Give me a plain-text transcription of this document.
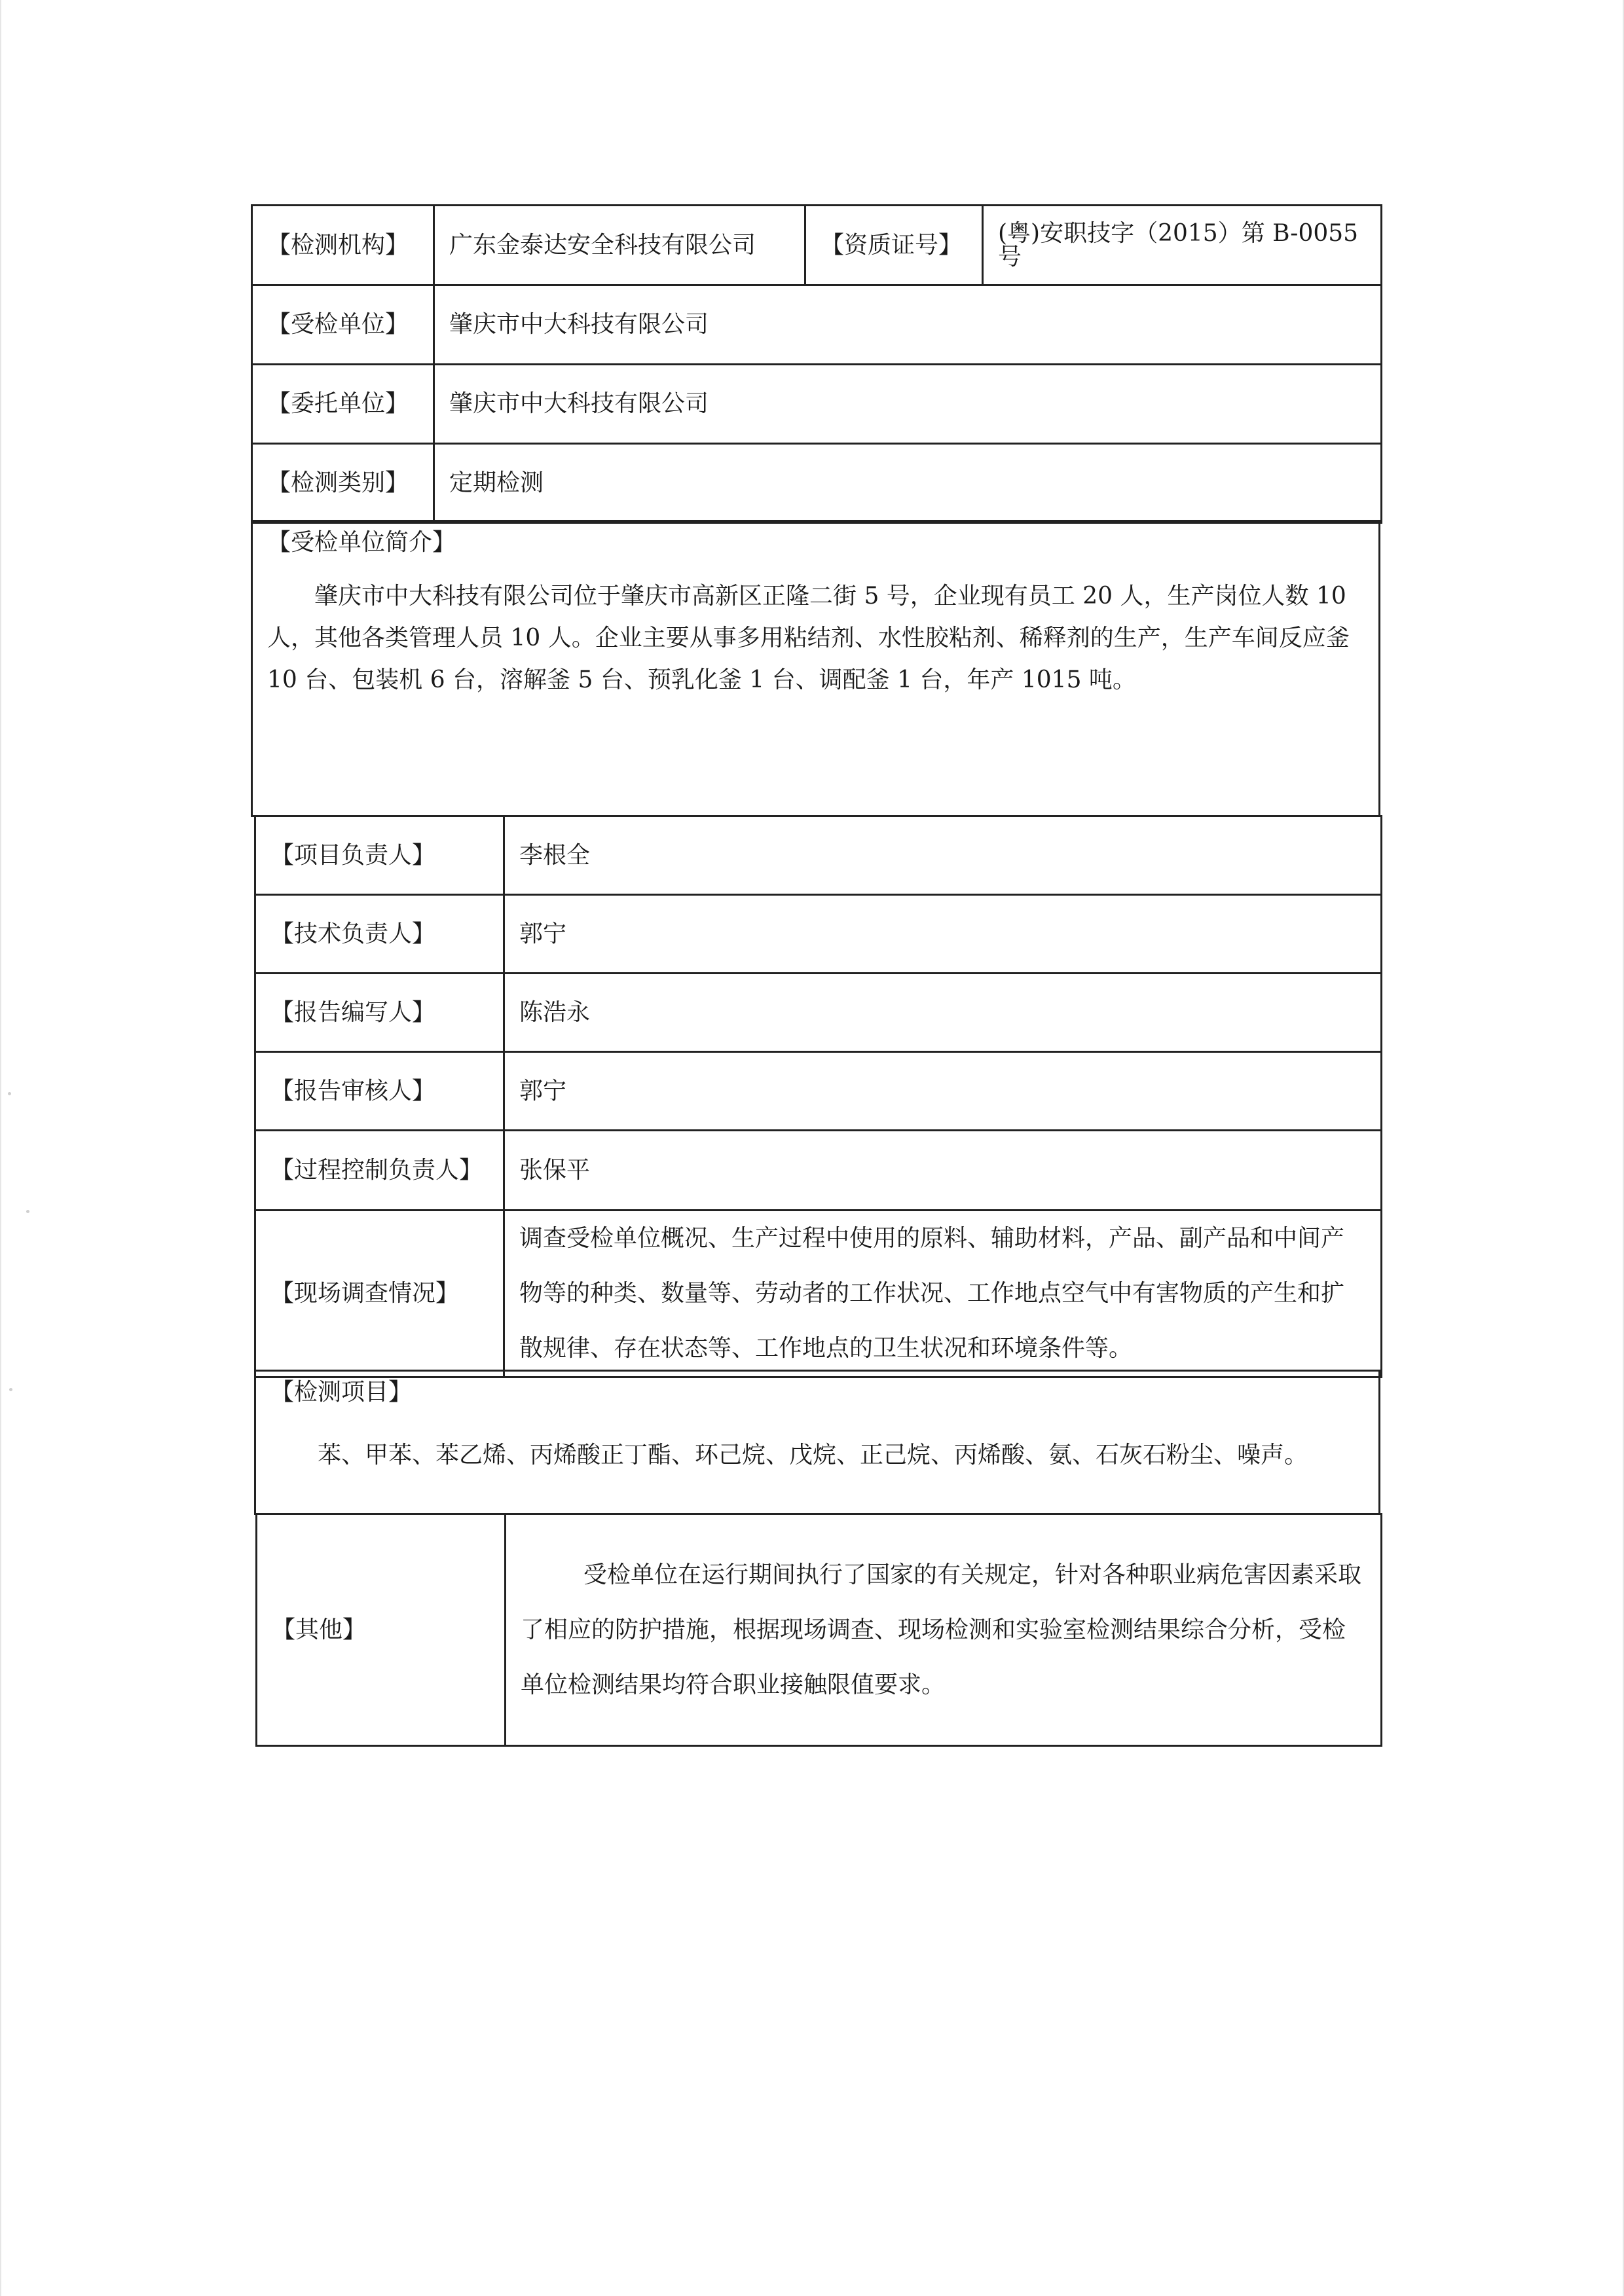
【检测机构】	广东金泰达安全科技有限公司	【资质证号】	(粤)安职技字（2015）第 B-0055 号
【受检单位】	肇庆市中大科技有限公司		
【委托单位】	肇庆市中大科技有限公司		
【检测类别】	定期检测		
【受检单位简介】
肇庆市中大科技有限公司位于肇庆市高新区正隆二街 5 号，企业现有员工 20 人，生产岗位人数 10 人，其他各类管理人员 10 人。企业主要从事多用粘结剂、水性胶粘剂、稀释剂的生产，生产车间反应釜 10 台、包装机 6 台，溶解釜 5 台、预乳化釜 1 台、调配釜 1 台，年产 1015 吨。
【项目负责人】	李根全
【技术负责人】	郭宁
【报告编写人】	陈浩永
【报告审核人】	郭宁
【过程控制负责人】	张保平
【现场调查情况】	调查受检单位概况、生产过程中使用的原料、辅助材料，产品、副产品和中间产物等的种类、数量等、劳动者的工作状况、工作地点空气中有害物质的产生和扩散规律、存在状态等、工作地点的卫生状况和环境条件等。
【检测项目】
苯、甲苯、苯乙烯、丙烯酸正丁酯、环己烷、戊烷、正己烷、丙烯酸、氨、石灰石粉尘、噪声。
【其他】	受检单位在运行期间执行了国家的有关规定，针对各种职业病危害因素采取了相应的防护措施，根据现场调查、现场检测和实验室检测结果综合分析，受检单位检测结果均符合职业接触限值要求。
